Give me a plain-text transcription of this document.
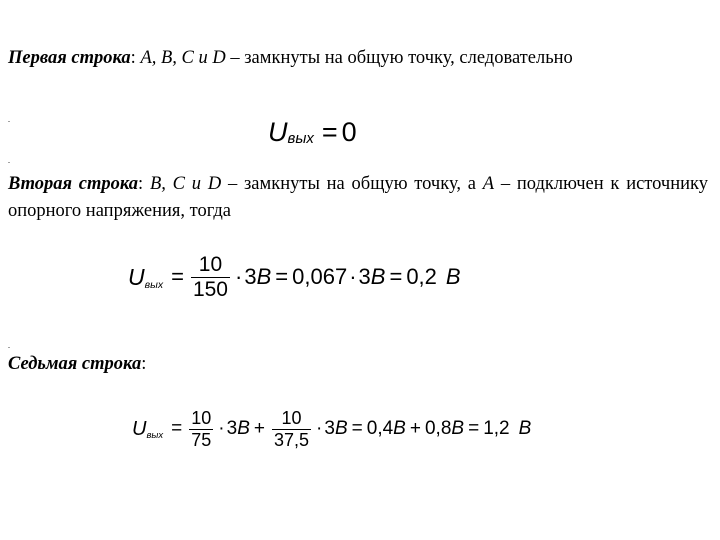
Первая строка: A, B, C и D – замкнуты на общую точку, следовательно
.
.
U вых = 0
Вторая строка: B, C и D – замкнуты на общую точку, а A – подключен к источнику опорного напряжения, тогда
U вых = $\frac{10}{150} \cdot 3$ B = 0,067 · 3 B = 0,2 B
.
Седьмая строка:
U вых = $\frac{10}{75} \cdot 3$ $B + \frac{10}{37,5} \cdot 3$ B = 0,4 B + 0,8 B = 1,2 B
